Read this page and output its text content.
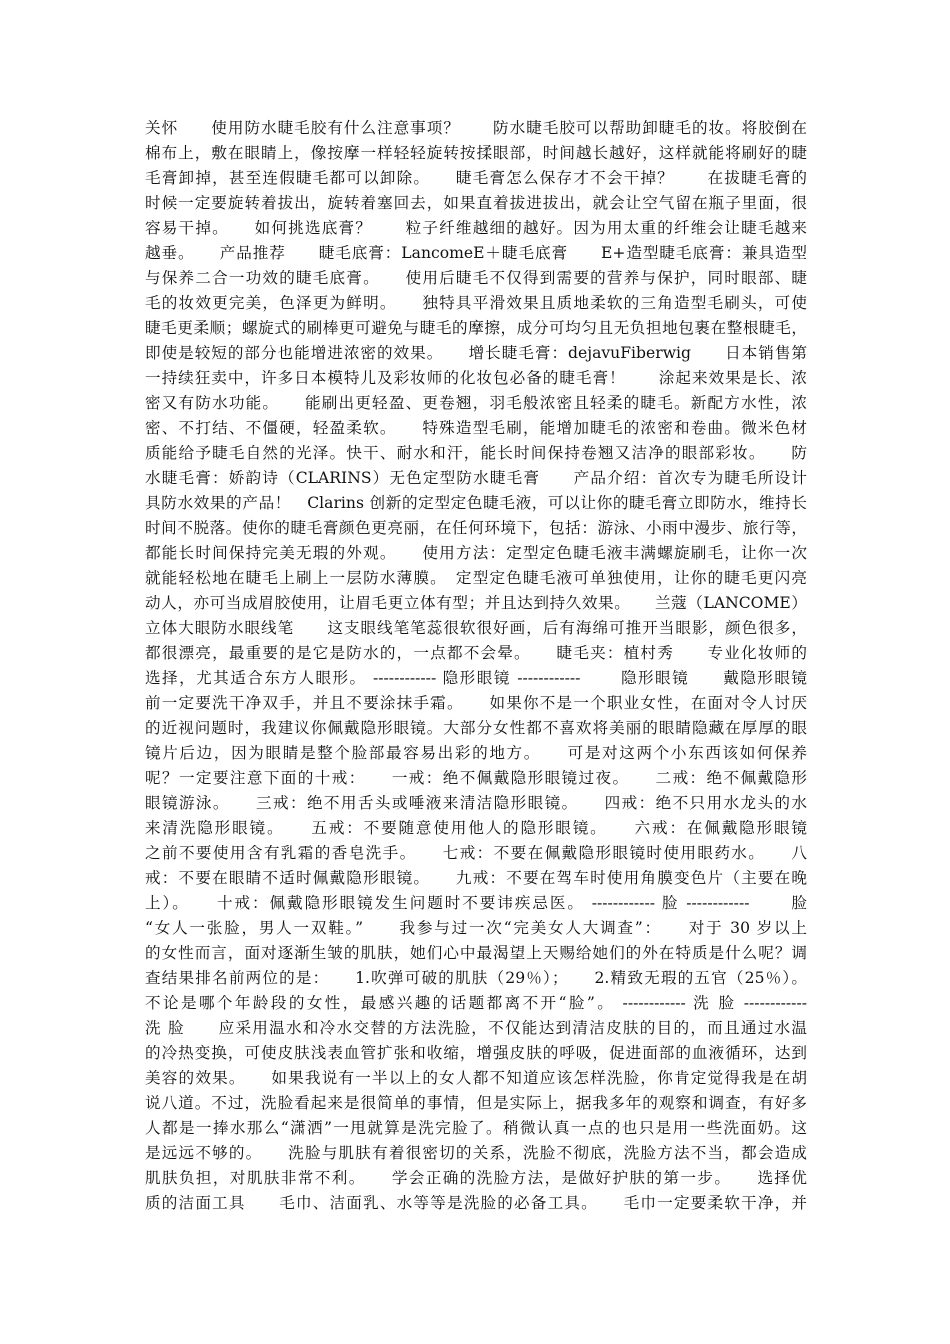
关怀　　使用防水睫毛胶有什么注意事项？　　防水睫毛胶可以帮助卸睫毛的妆。将胶倒在
棉布上，敷在眼睛上，像按摩一样轻轻旋转按揉眼部，时间越长越好，这样就能将刷好的睫
毛膏卸掉，甚至连假睫毛都可以卸除。　　睫毛膏怎么保存才不会干掉？　　在拔睫毛膏的
时候一定要旋转着拔出，旋转着塞回去，如果直着拔进拔出，就会让空气留在瓶子里面，很
容易干掉。　　如何挑选底膏？　　粒子纤维越细的越好。因为用太重的纤维会让睫毛越来
越垂。　　产品推荐　　睫毛底膏：LancomeE＋睫毛底膏　　E+造型睫毛底膏：兼具造型
与保养二合一功效的睫毛底膏。　　使用后睫毛不仅得到需要的营养与保护，同时眼部、睫
毛的妆效更完美，色泽更为鲜明。　　独特具平滑效果且质地柔软的三角造型毛刷头，可使
睫毛更柔顺；螺旋式的刷棒更可避免与睫毛的摩擦，成分可均匀且无负担地包裹在整根睫毛，
即使是较短的部分也能增进浓密的效果。　　增长睫毛膏：dejavuFiberwig　　日本销售第
一持续狂卖中，许多日本模特儿及彩妆师的化妆包必备的睫毛膏！　　涂起来效果是长、浓
密又有防水功能。　　能刷出更轻盈、更卷翘，羽毛般浓密且轻柔的睫毛。新配方水性，浓
密、不打结、不僵硬，轻盈柔软。　　特殊造型毛刷，能增加睫毛的浓密和卷曲。微米色材
质能给予睫毛自然的光泽。快干、耐水和汗，能长时间保持卷翘又洁净的眼部彩妆。　　防
水睫毛膏：娇韵诗（CLARINS）无色定型防水睫毛膏　　产品介绍：首次专为睫毛所设计
具防水效果的产品！　Clarins 创新的定型定色睫毛液，可以让你的睫毛膏立即防水，维持长
时间不脱落。使你的睫毛膏颜色更亮丽，在任何环境下，包括：游泳、小雨中漫步、旅行等，
都能长时间保持完美无瑕的外观。　　使用方法：定型定色睫毛液丰满螺旋刷毛，让你一次
就能轻松地在睫毛上刷上一层防水薄膜。　定型定色睫毛液可单独使用，让你的睫毛更闪亮
动人，亦可当成眉胶使用，让眉毛更立体有型；并且达到持久效果。　　兰蔻（LANCOME）
立体大眼防水眼线笔　　这支眼线笔笔蕊很软很好画，后有海绵可推开当眼影，颜色很多，
都很漂亮，最重要的是它是防水的，一点都不会晕。　　睫毛夹：植村秀　　专业化妆师的
选择，尤其适合东方人眼形。 ------------ 隐形眼镜 ------------ 　　隐形眼镜　　戴隐形眼镜
前一定要洗干净双手，并且不要涂抹手霜。　　如果你不是一个职业女性，在面对令人讨厌
的近视问题时，我建议你佩戴隐形眼镜。大部分女性都不喜欢将美丽的眼睛隐藏在厚厚的眼
镜片后边，因为眼睛是整个脸部最容易出彩的地方。　　可是对这两个小东西该如何保养
呢？一定要注意下面的十戒：　　一戒：绝不佩戴隐形眼镜过夜。　　二戒：绝不佩戴隐形
眼镜游泳。　　三戒：绝不用舌头或唾液来清洁隐形眼镜。　　四戒：绝不只用水龙头的水
来清洗隐形眼镜。　　五戒：不要随意使用他人的隐形眼镜。　　六戒：在佩戴隐形眼镜
之前不要使用含有乳霜的香皂洗手。　　七戒：不要在佩戴隐形眼镜时使用眼药水。　　八
戒：不要在眼睛不适时佩戴隐形眼镜。　　九戒：不要在驾车时使用角膜变色片（主要在晚
上）。　　十戒：佩戴隐形眼镜发生问题时不要讳疾忌医。 ------------ 脸 ------------ 　　脸
“女人一张脸，男人一双鞋。”　　我参与过一次“完美女人大调查”：　　对于 30 岁以上
的女性而言，面对逐渐生皱的肌肤，她们心中最渴望上天赐给她们的外在特质是什么呢？调
查结果排名前两位的是：　　1.吹弹可破的肌肤（29％）；　　2.精致无瑕的五官（25％）。
不论是哪个年龄段的女性，最感兴趣的话题都离不开“脸”。 ------------ 洗 脸 ------------
洗 脸　　应采用温水和冷水交替的方法洗脸，不仅能达到清洁皮肤的目的，而且通过水温
的冷热变换，可使皮肤浅表血管扩张和收缩，增强皮肤的呼吸，促进面部的血液循环，达到
美容的效果。　　如果我说有一半以上的女人都不知道应该怎样洗脸，你肯定觉得我是在胡
说八道。不过，洗脸看起来是很简单的事情，但是实际上，据我多年的观察和调查，有好多
人都是一捧水那么“潇洒”一甩就算是洗完脸了。稍微认真一点的也只是用一些洗面奶。这
是远远不够的。　　洗脸与肌肤有着很密切的关系，洗脸不彻底，洗脸方法不当，都会造成
肌肤负担，对肌肤非常不利。　　学会正确的洗脸方法，是做好护肤的第一步。　　选择优
质的洁面工具　　毛巾、洁面乳、水等等是洗脸的必备工具。　　毛巾一定要柔软干净，并
